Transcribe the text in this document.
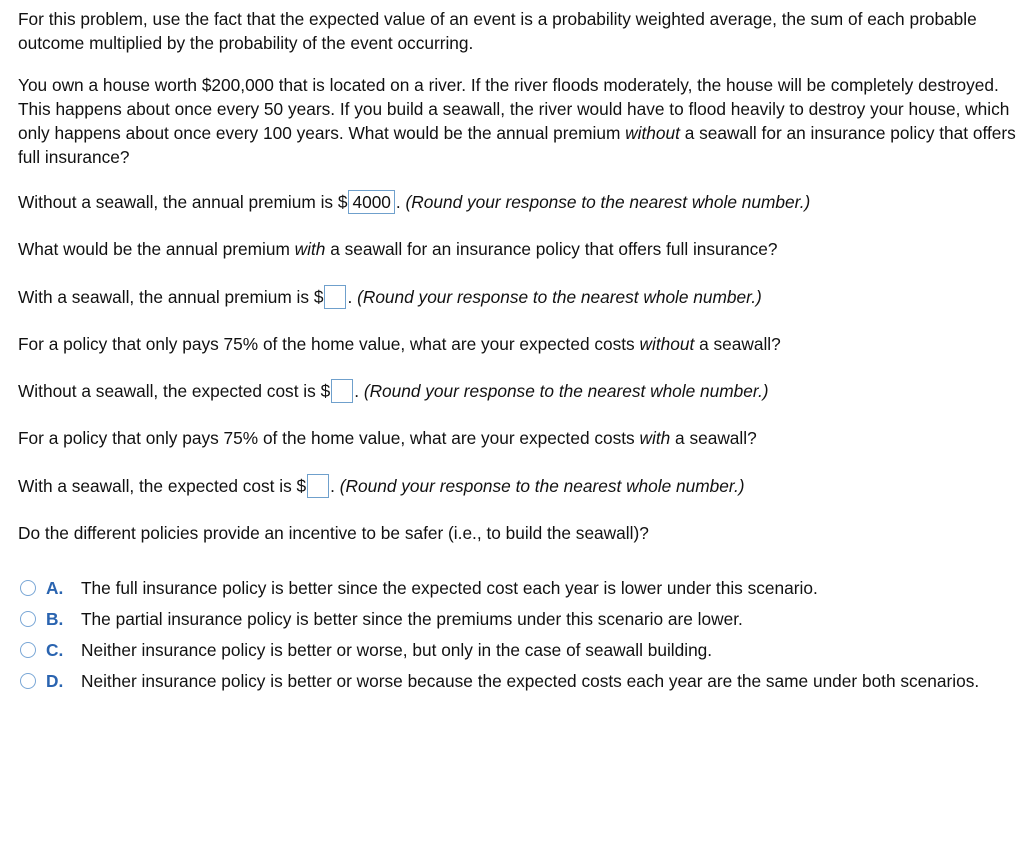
For this problem, use the fact that the expected value of an event is a probability weighted average, the sum of each probable outcome multiplied by the probability of the event occurring.

You own a house worth $200,000 that is located on a river. If the river floods moderately, the house will be completely destroyed. This happens about once every 50 years. If you build a seawall, the river would have to flood heavily to destroy your house, which only happens about once every 100 years. What would be the annual premium without a seawall for an insurance policy that offers full insurance?

Without a seawall, the annual premium is $ 4000 . (Round your response to the nearest whole number.)

What would be the annual premium with a seawall for an insurance policy that offers full insurance?

With a seawall, the annual premium is $ . (Round your response to the nearest whole number.)

For a policy that only pays 75% of the home value, what are your expected costs without a seawall?

Without a seawall, the expected cost is $ . (Round your response to the nearest whole number.)

For a policy that only pays 75% of the home value, what are your expected costs with a seawall?

With a seawall, the expected cost is $ . (Round your response to the nearest whole number.)

Do the different policies provide an incentive to be safer (i.e., to build the seawall)?

A. The full insurance policy is better since the expected cost each year is lower under this scenario.
B. The partial insurance policy is better since the premiums under this scenario are lower.
C. Neither insurance policy is better or worse, but only in the case of seawall building.
D. Neither insurance policy is better or worse because the expected costs each year are the same under both scenarios.
